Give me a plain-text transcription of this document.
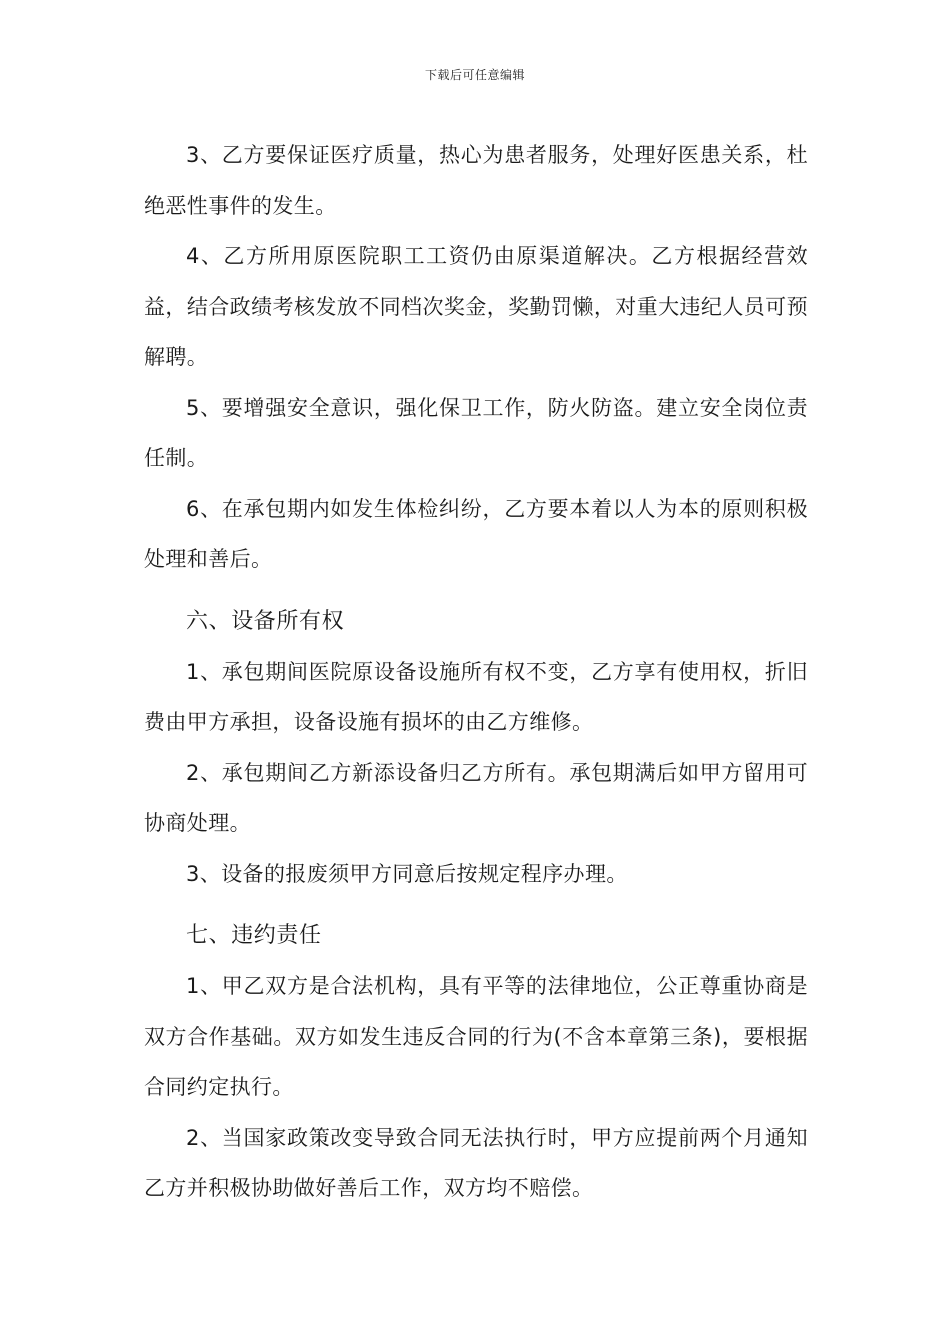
下载后可任意编辑

3、乙方要保证医疗质量，热心为患者服务，处理好医患关系，杜绝恶性事件的发生。

4、乙方所用原医院职工工资仍由原渠道解决。乙方根据经营效益，结合政绩考核发放不同档次奖金，奖勤罚懒，对重大违纪人员可预解聘。

5、要增强安全意识，强化保卫工作，防火防盗。建立安全岗位责任制。

6、在承包期内如发生体检纠纷，乙方要本着以人为本的原则积极处理和善后。

六、设备所有权

1、承包期间医院原设备设施所有权不变，乙方享有使用权，折旧费由甲方承担，设备设施有损坏的由乙方维修。

2、承包期间乙方新添设备归乙方所有。承包期满后如甲方留用可协商处理。

3、设备的报废须甲方同意后按规定程序办理。

七、违约责任

1、甲乙双方是合法机构，具有平等的法律地位，公正尊重协商是双方合作基础。双方如发生违反合同的行为(不含本章第三条)，要根据合同约定执行。

2、当国家政策改变导致合同无法执行时，甲方应提前两个月通知乙方并积极协助做好善后工作，双方均不赔偿。
